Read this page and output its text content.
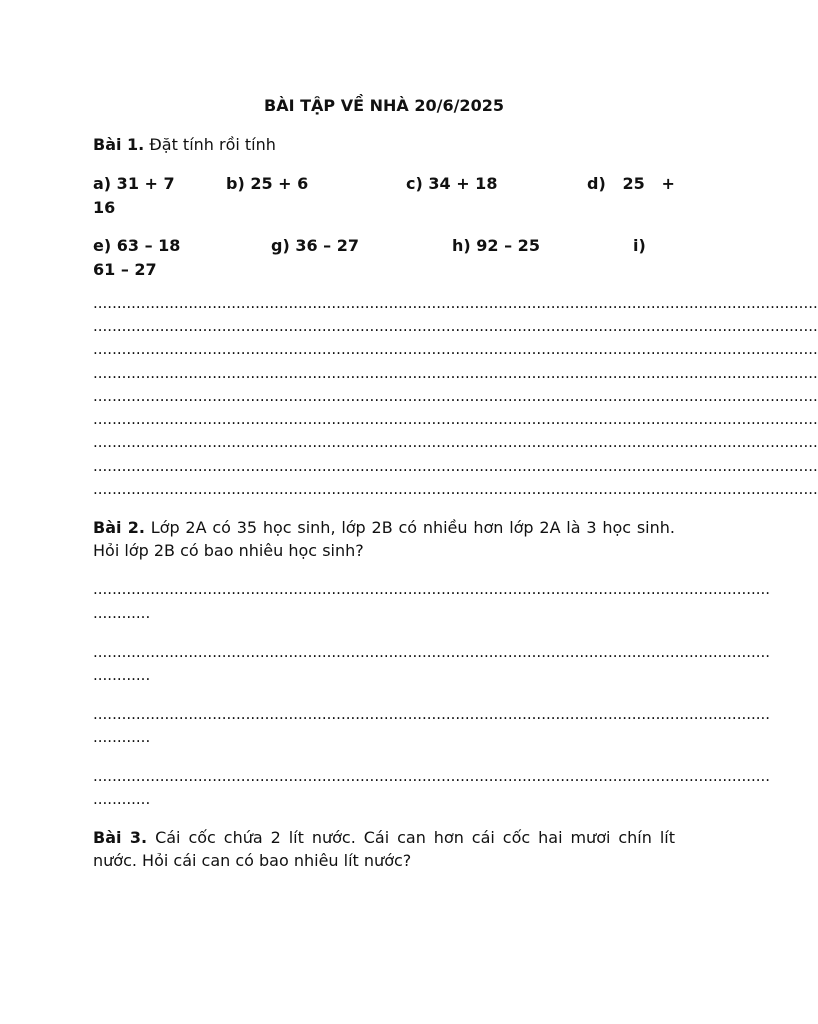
BÀI TẬP VỀ NHÀ 20/6/2025
Bài 1. Đặt tính rồi tính
a) 31 + 7	b) 25 + 6	c) 34 + 18	d)   25   +
16
e) 63 – 18	g) 36 – 27	h) 92 – 25	i)
61 – 27
........................................................................................................................................................
........................................................................................................................................................
........................................................................................................................................................
........................................................................................................................................................
........................................................................................................................................................
........................................................................................................................................................
........................................................................................................................................................
........................................................................................................................................................
........................................................................................................................................................
Bài 2. Lớp 2A có 35 học sinh, lớp 2B có nhiều hơn lớp 2A là 3 học sinh. Hỏi lớp 2B có bao nhiêu học sinh?
..............................................................................................................................................
............
..............................................................................................................................................
............
..............................................................................................................................................
............
..............................................................................................................................................
............
Bài 3. Cái cốc chứa 2 lít nước. Cái can hơn cái cốc hai mươi chín lít nước. Hỏi cái can có bao nhiêu lít nước?
